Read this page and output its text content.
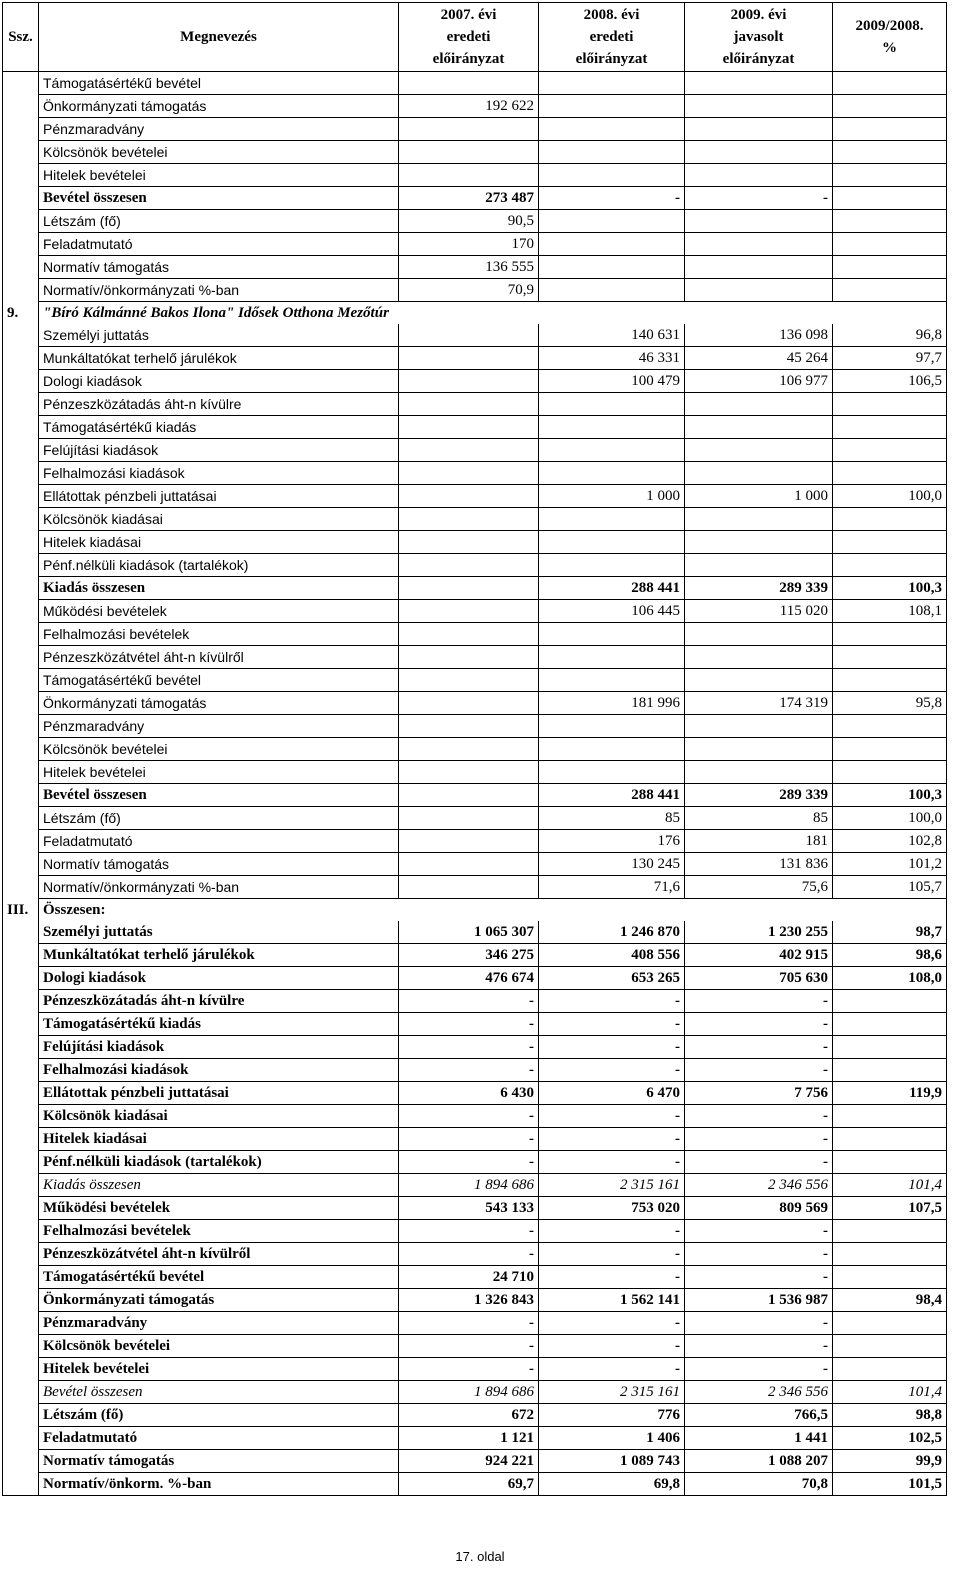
Ssz.	Megnevezés	2007. évi
eredeti
előirányzat	2008. évi
eredeti
előirányzat	2009. évi
javasolt
előirányzat	2009/2008.
%

	Támogatásértékű bevétel				
	Önkormányzati támogatás	192 622			
	Pénzmaradvány				
	Kölcsönök bevételei				
	Hitelek bevételei				
	Bevétel összesen	273 487	-	-	
	Létszám (fő)	90,5			
	Feladatmutató	170			
	Normatív támogatás	136 555			
	Normatív/önkormányzati %-ban	70,9			
9.	"Bíró Kálmánné Bakos Ilona" Idősek Otthona Mezőtúr				
	Személyi juttatás		140 631	136 098	96,8
	Munkáltatókat terhelő járulékok		46 331	45 264	97,7
	Dologi kiadások		100 479	106 977	106,5
	Pénzeszközátadás áht-n kívülre				
	Támogatásértékű kiadás				
	Felújítási kiadások				
	Felhalmozási kiadások				
	Ellátottak pénzbeli juttatásai		1 000	1 000	100,0
	Kölcsönök kiadásai				
	Hitelek kiadásai				
	Pénf.nélküli kiadások (tartalékok)				
	Kiadás összesen		288 441	289 339	100,3
	Működési bevételek		106 445	115 020	108,1
	Felhalmozási bevételek				
	Pénzeszközátvétel áht-n kívülről				
	Támogatásértékű bevétel				
	Önkormányzati támogatás		181 996	174 319	95,8
	Pénzmaradvány				
	Kölcsönök bevételei				
	Hitelek bevételei				
	Bevétel összesen		288 441	289 339	100,3
	Létszám (fő)		85	85	100,0
	Feladatmutató		176	181	102,8
	Normatív támogatás		130 245	131 836	101,2
	Normatív/önkormányzati %-ban		71,6	75,6	105,7
III.	Összesen:				
	Személyi juttatás	1 065 307	1 246 870	1 230 255	98,7
	Munkáltatókat terhelő járulékok	346 275	408 556	402 915	98,6
	Dologi kiadások	476 674	653 265	705 630	108,0
	Pénzeszközátadás áht-n kívülre	-	-	-	
	Támogatásértékű kiadás	-	-	-	
	Felújítási kiadások	-	-	-	
	Felhalmozási kiadások	-	-	-	
	Ellátottak pénzbeli juttatásai	6 430	6 470	7 756	119,9
	Kölcsönök kiadásai	-	-	-	
	Hitelek kiadásai	-	-	-	
	Pénf.nélküli kiadások (tartalékok)	-	-	-	
	Kiadás összesen	1 894 686	2 315 161	2 346 556	101,4
	Működési bevételek	543 133	753 020	809 569	107,5
	Felhalmozási bevételek	-	-	-	
	Pénzeszközátvétel áht-n kívülről	-	-	-	
	Támogatásértékű bevétel	24 710	-	-	
	Önkormányzati támogatás	1 326 843	1 562 141	1 536 987	98,4
	Pénzmaradvány	-	-	-	
	Kölcsönök bevételei	-	-	-	
	Hitelek bevételei	-	-	-	
	Bevétel összesen	1 894 686	2 315 161	2 346 556	101,4
	Létszám (fő)	672	776	766,5	98,8
	Feladatmutató	1 121	1 406	1 441	102,5
	Normatív támogatás	924 221	1 089 743	1 088 207	99,9
	Normatív/önkorm. %-ban	69,7	69,8	70,8	101,5
17. oldal
